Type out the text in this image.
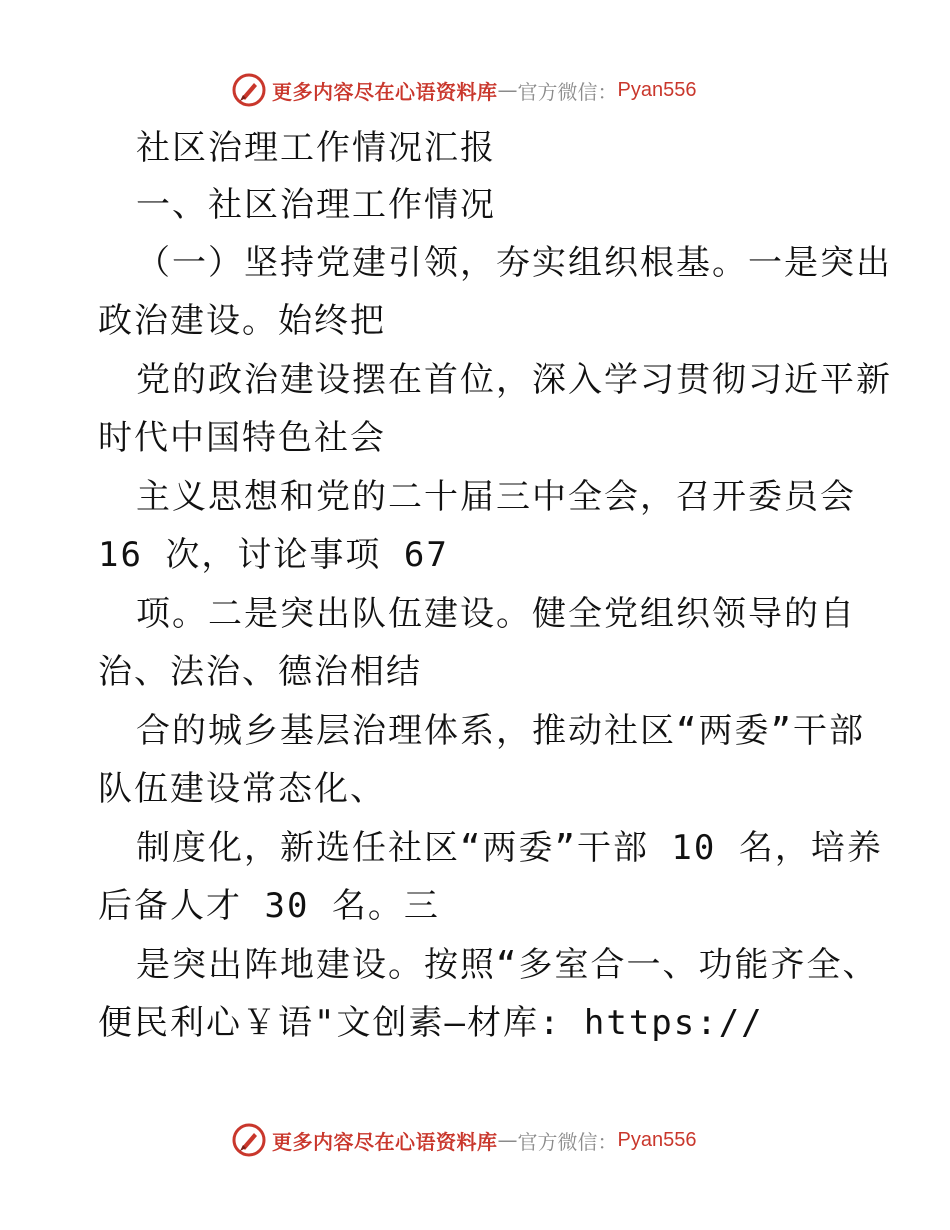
更多内容尽在心语资料库 — 官方微信： Pyan556
社区治理工作情况汇报
一、社区治理工作情况
（一）坚持党建引领，夯实组织根基。一是突出
政治建设。始终把
党的政治建设摆在首位，深入学习贯彻习近平新
时代中国特色社会
主义思想和党的二十届三中全会，召开委员会
16 次，讨论事项 67
项。二是突出队伍建设。健全党组织领导的自
治、法治、德治相结
合的城乡基层治理体系，推动社区“两委”干部
队伍建设常态化、
制度化，新选任社区“两委”干部 10 名，培养
后备人才 30 名。三
是突出阵地建设。按照“多室合一、功能齐全、
便民利心￥语"文创素—材库: https://
更多内容尽在心语资料库 — 官方微信： Pyan556
